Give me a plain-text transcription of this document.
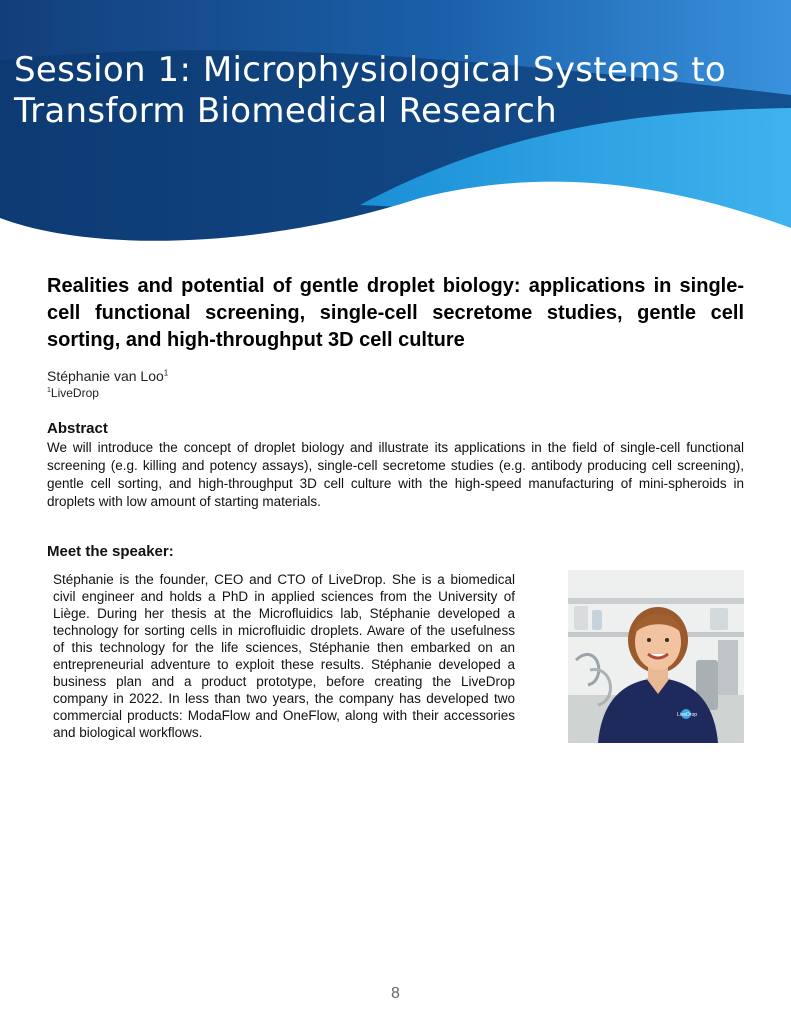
Session 1: Microphysiological Systems to Transform Biomedical Research
Realities and potential of gentle droplet biology: applications in single-cell functional screening, single-cell secretome studies, gentle cell sorting, and high-throughput 3D cell culture
Stéphanie van Loo$^1$
$^1$LiveDrop
Abstract

We will introduce the concept of droplet biology and illustrate its applications in the field of single-cell functional screening (e.g. killing and potency assays), single-cell secretome studies (e.g. antibody producing cell screening), gentle cell sorting, and high-throughput 3D cell culture with the high-speed manufacturing of mini-spheroids in droplets with low amount of starting materials.

Meet the speaker:

Stéphanie is the founder, CEO and CTO of LiveDrop. She is a biomedical civil engineer and holds a PhD in applied sciences from the University of Liège. During her thesis at the Microfluidics lab, Stéphanie developed a technology for sorting cells in microfluidic droplets. Aware of the usefulness of this technology for the life sciences, Stéphanie then embarked on an entrepreneurial adventure to exploit these results. Stéphanie developed a business plan and a product prototype, before creating the LiveDrop company in 2022. In less than two years, the company has developed two commercial products: ModaFlow and OneFlow, along with their accessories and biological workflows.

LiveDrop
8
